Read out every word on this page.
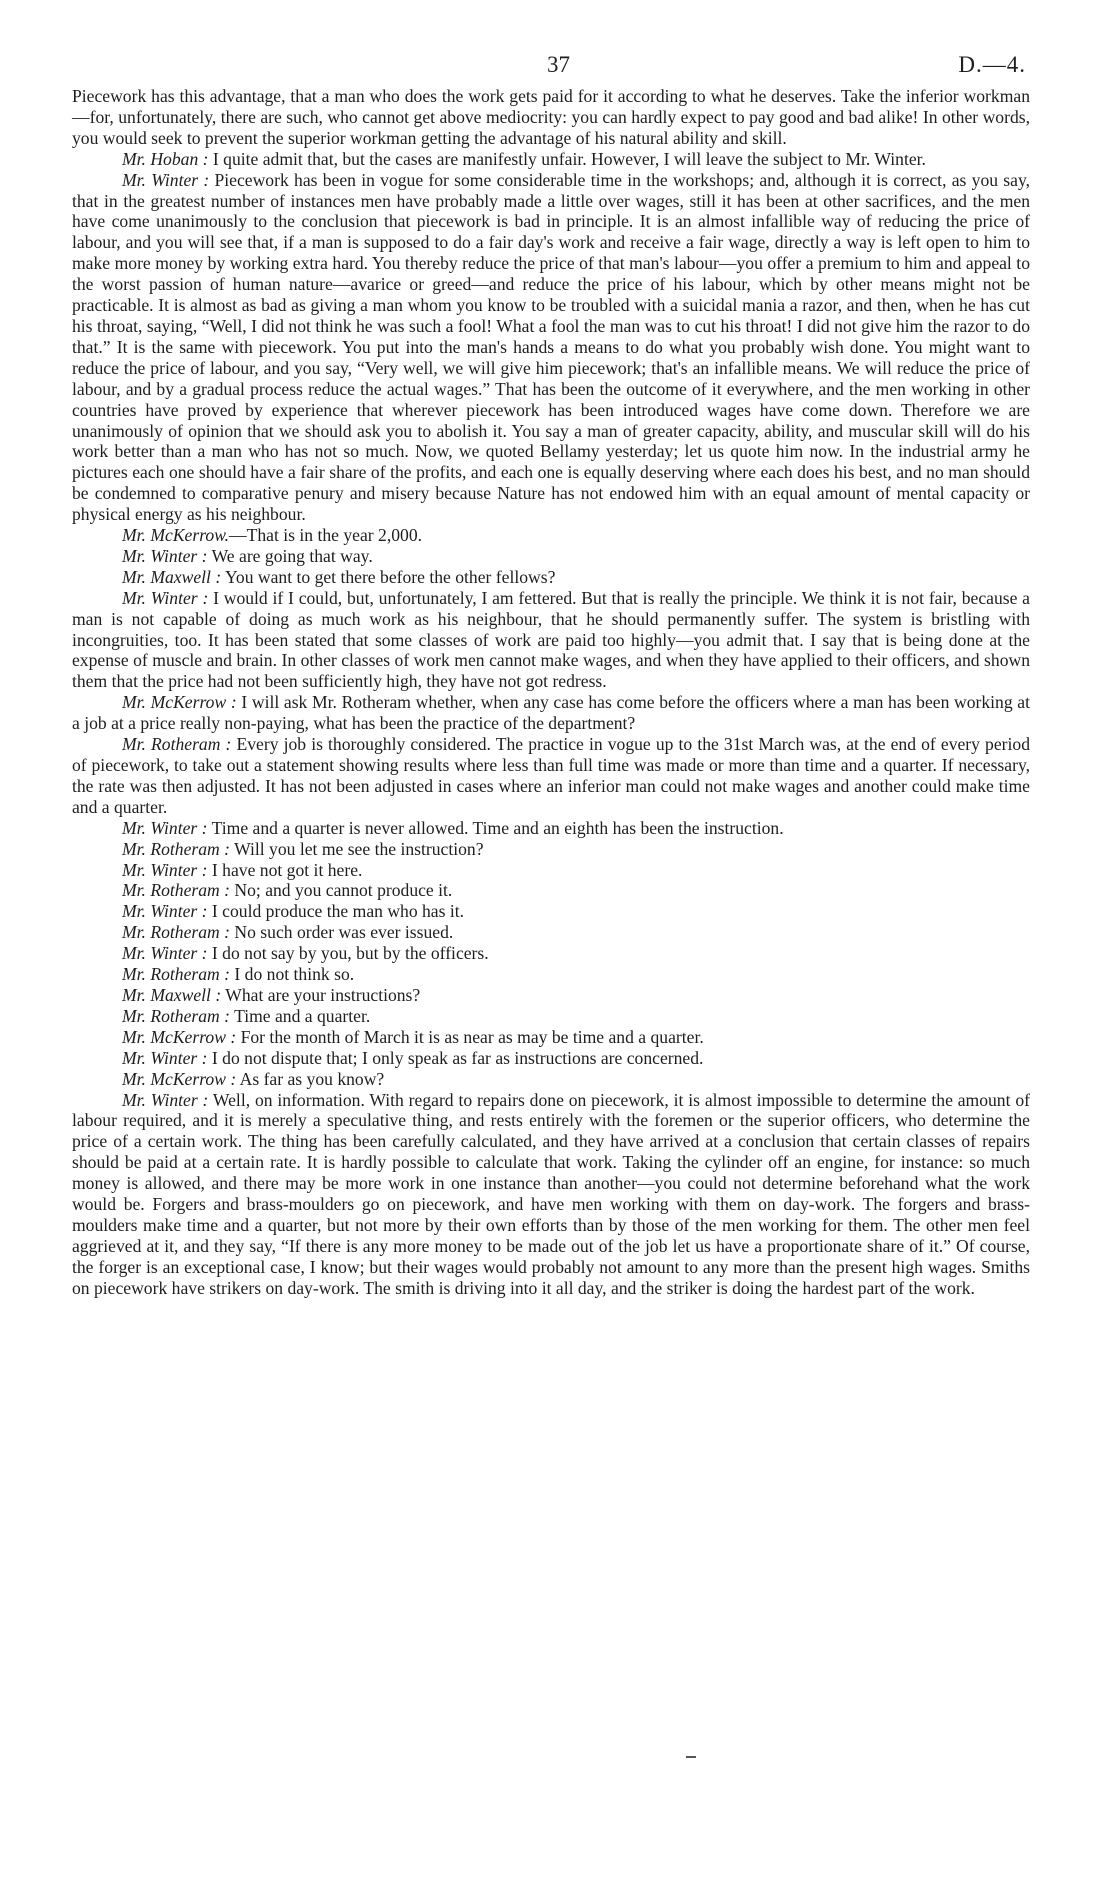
37	D.—4.

Piecework has this advantage, that a man who does the work gets paid for it according to what he deserves. Take the inferior workman—for, unfortunately, there are such, who cannot get above mediocrity: you can hardly expect to pay good and bad alike! In other words, you would seek to prevent the superior workman getting the advantage of his natural ability and skill.

Mr. Hoban : I quite admit that, but the cases are manifestly unfair. However, I will leave the subject to Mr. Winter.

Mr. Winter : Piecework has been in vogue for some considerable time in the workshops; and, although it is correct, as you say, that in the greatest number of instances men have probably made a little over wages, still it has been at other sacrifices, and the men have come unanimously to the conclusion that piecework is bad in principle. It is an almost infallible way of reducing the price of labour, and you will see that, if a man is supposed to do a fair day's work and receive a fair wage, directly a way is left open to him to make more money by working extra hard. You thereby reduce the price of that man's labour—you offer a premium to him and appeal to the worst passion of human nature—avarice or greed—and reduce the price of his labour, which by other means might not be practicable. It is almost as bad as giving a man whom you know to be troubled with a suicidal mania a razor, and then, when he has cut his throat, saying, “Well, I did not think he was such a fool! What a fool the man was to cut his throat! I did not give him the razor to do that.” It is the same with piecework. You put into the man's hands a means to do what you probably wish done. You might want to reduce the price of labour, and you say, “Very well, we will give him piecework; that's an infallible means. We will reduce the price of labour, and by a gradual process reduce the actual wages.” That has been the outcome of it everywhere, and the men working in other countries have proved by experience that wherever piecework has been introduced wages have come down. Therefore we are unanimously of opinion that we should ask you to abolish it. You say a man of greater capacity, ability, and muscular skill will do his work better than a man who has not so much. Now, we quoted Bellamy yesterday; let us quote him now. In the industrial army he pictures each one should have a fair share of the profits, and each one is equally deserving where each does his best, and no man should be condemned to comparative penury and misery because Nature has not endowed him with an equal amount of mental capacity or physical energy as his neighbour.

Mr. McKerrow.—That is in the year 2,000.

Mr. Winter : We are going that way.

Mr. Maxwell : You want to get there before the other fellows?

Mr. Winter : I would if I could, but, unfortunately, I am fettered. But that is really the principle. We think it is not fair, because a man is not capable of doing as much work as his neighbour, that he should permanently suffer. The system is bristling with incongruities, too. It has been stated that some classes of work are paid too highly—you admit that. I say that is being done at the expense of muscle and brain. In other classes of work men cannot make wages, and when they have applied to their officers, and shown them that the price had not been sufficiently high, they have not got redress.

Mr. McKerrow : I will ask Mr. Rotheram whether, when any case has come before the officers where a man has been working at a job at a price really non-paying, what has been the practice of the department?

Mr. Rotheram : Every job is thoroughly considered. The practice in vogue up to the 31st March was, at the end of every period of piecework, to take out a statement showing results where less than full time was made or more than time and a quarter. If necessary, the rate was then adjusted. It has not been adjusted in cases where an inferior man could not make wages and another could make time and a quarter.

Mr. Winter : Time and a quarter is never allowed. Time and an eighth has been the instruction.

Mr. Rotheram : Will you let me see the instruction?

Mr. Winter : I have not got it here.

Mr. Rotheram : No; and you cannot produce it.

Mr. Winter : I could produce the man who has it.

Mr. Rotheram : No such order was ever issued.

Mr. Winter : I do not say by you, but by the officers.

Mr. Rotheram : I do not think so.

Mr. Maxwell : What are your instructions?

Mr. Rotheram : Time and a quarter.

Mr. McKerrow : For the month of March it is as near as may be time and a quarter.

Mr. Winter : I do not dispute that; I only speak as far as instructions are concerned.

Mr. McKerrow : As far as you know?

Mr. Winter : Well, on information. With regard to repairs done on piecework, it is almost impossible to determine the amount of labour required, and it is merely a speculative thing, and rests entirely with the foremen or the superior officers, who determine the price of a certain work. The thing has been carefully calculated, and they have arrived at a conclusion that certain classes of repairs should be paid at a certain rate. It is hardly possible to calculate that work. Taking the cylinder off an engine, for instance: so much money is allowed, and there may be more work in one instance than another—you could not determine beforehand what the work would be. Forgers and brass-moulders go on piecework, and have men working with them on day-work. The forgers and brass-moulders make time and a quarter, but not more by their own efforts than by those of the men working for them. The other men feel aggrieved at it, and they say, “If there is any more money to be made out of the job let us have a proportionate share of it.” Of course, the forger is an exceptional case, I know; but their wages would probably not amount to any more than the present high wages. Smiths on piecework have strikers on day-work. The smith is driving into it all day, and the striker is doing the hardest part of the work.
